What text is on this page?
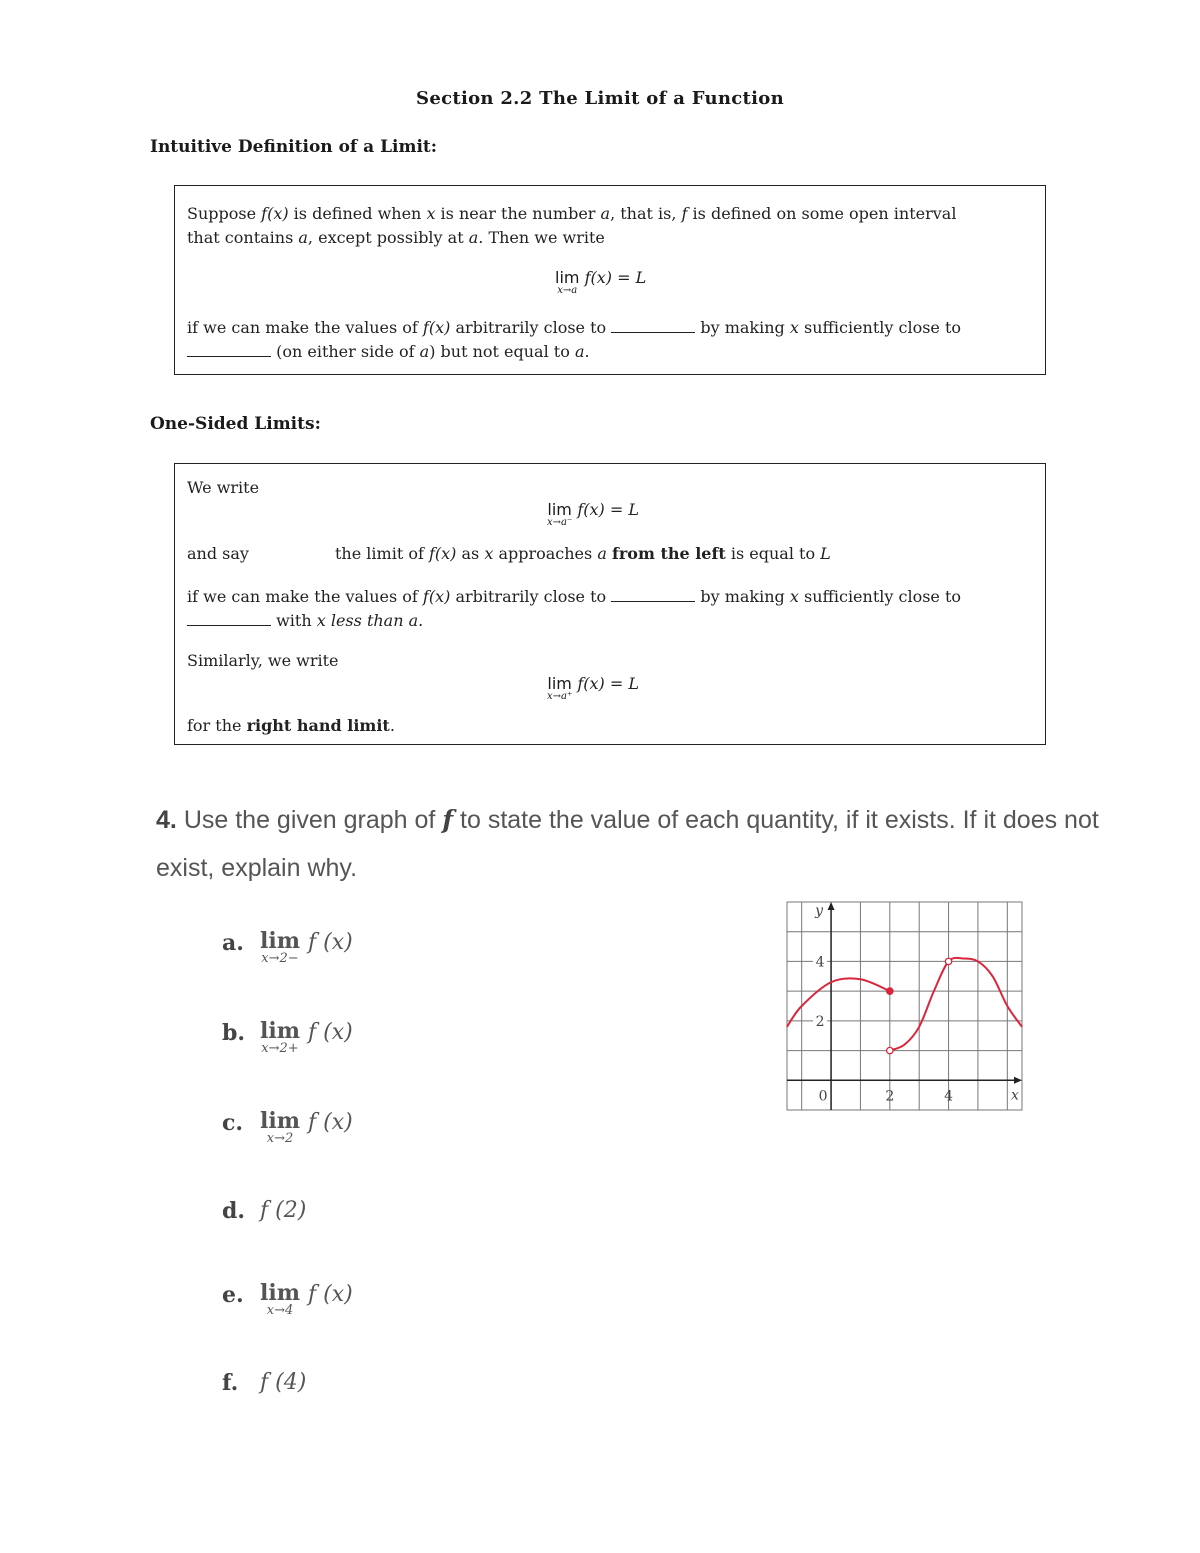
Section 2.2 The Limit of a Function
Intuitive Definition of a Limit:
Suppose f(x) is defined when x is near the number a, that is, f is defined on some open interval
that contains a, except possibly at a. Then we write
lim
x→a
f(x) = L
if we can make the values of f(x) arbitrarily close to	by making x sufficiently close to
(on either side of a) but not equal to a.
One-Sided Limits:
We write
lim
x→a⁻
f(x) = L
and say	the limit of f(x) as x approaches a from the left is equal to L
if we can make the values of f(x) arbitrarily close to	by making x sufficiently close to
with x less than a.
Similarly, we write
lim
x→a⁺
f(x) = L
for the right hand limit.
4. Use the given graph of f to state the value of each quantity, if it exists. If it does not
exist, explain why.
a. lim
x→2−
f (x)
b. lim
x→2+
f (x)
c. lim
x→2
f (x)
d. f (2)
e. lim
x→4
f (x)
f. f (4)
0	2	4
2
4
x
y
